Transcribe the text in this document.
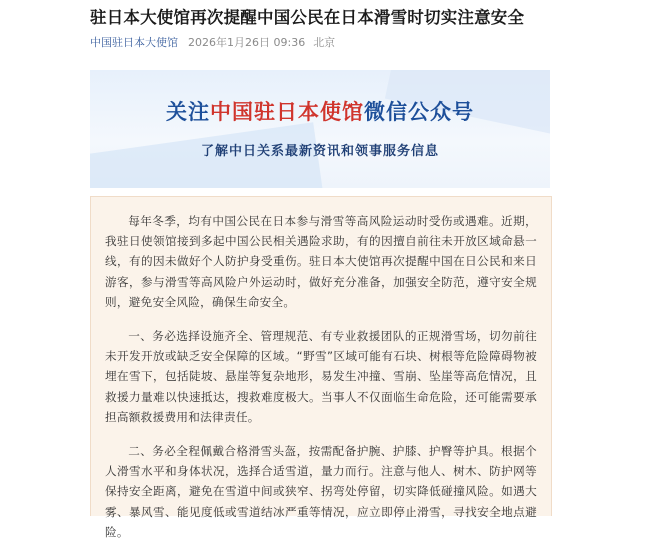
驻日本大使馆再次提醒中国公民在日本滑雪时切实注意安全
中国驻日本大使馆 2026年1月26日 09:36 北京
关注中国驻日本使馆微信公众号
了解中日关系最新资讯和领事服务信息

每年冬季，均有中国公民在日本参与滑雪等高风险运动时受伤或遇难。近期，我驻日使领馆接到多起中国公民相关遇险求助，有的因擅自前往未开放区域命悬一线，有的因未做好个人防护身受重伤。驻日本大使馆再次提醒中国在日公民和来日游客，参与滑雪等高风险户外运动时，做好充分准备，加强安全防范，遵守安全规则，避免安全风险，确保生命安全。

一、务必选择设施齐全、管理规范、有专业救援团队的正规滑雪场，切勿前往未开发开放或缺乏安全保障的区域。“野雪”区域可能有石块、树根等危险障碍物被埋在雪下，包括陡坡、悬崖等复杂地形，易发生冲撞、雪崩、坠崖等高危情况，且救援力量难以快速抵达，搜救难度极大。当事人不仅面临生命危险，还可能需要承担高额救援费用和法律责任。

二、务必全程佩戴合格滑雪头盔，按需配备护腕、护膝、护臀等护具。根据个人滑雪水平和身体状况，选择合适雪道，量力而行。注意与他人、树木、防护网等保持安全距离，避免在雪道中间或狭窄、拐弯处停留，切实降低碰撞风险。如遇大雾、暴风雪、能见度低或雪道结冰严重等情况，应立即停止滑雪，寻找安全地点避险。
